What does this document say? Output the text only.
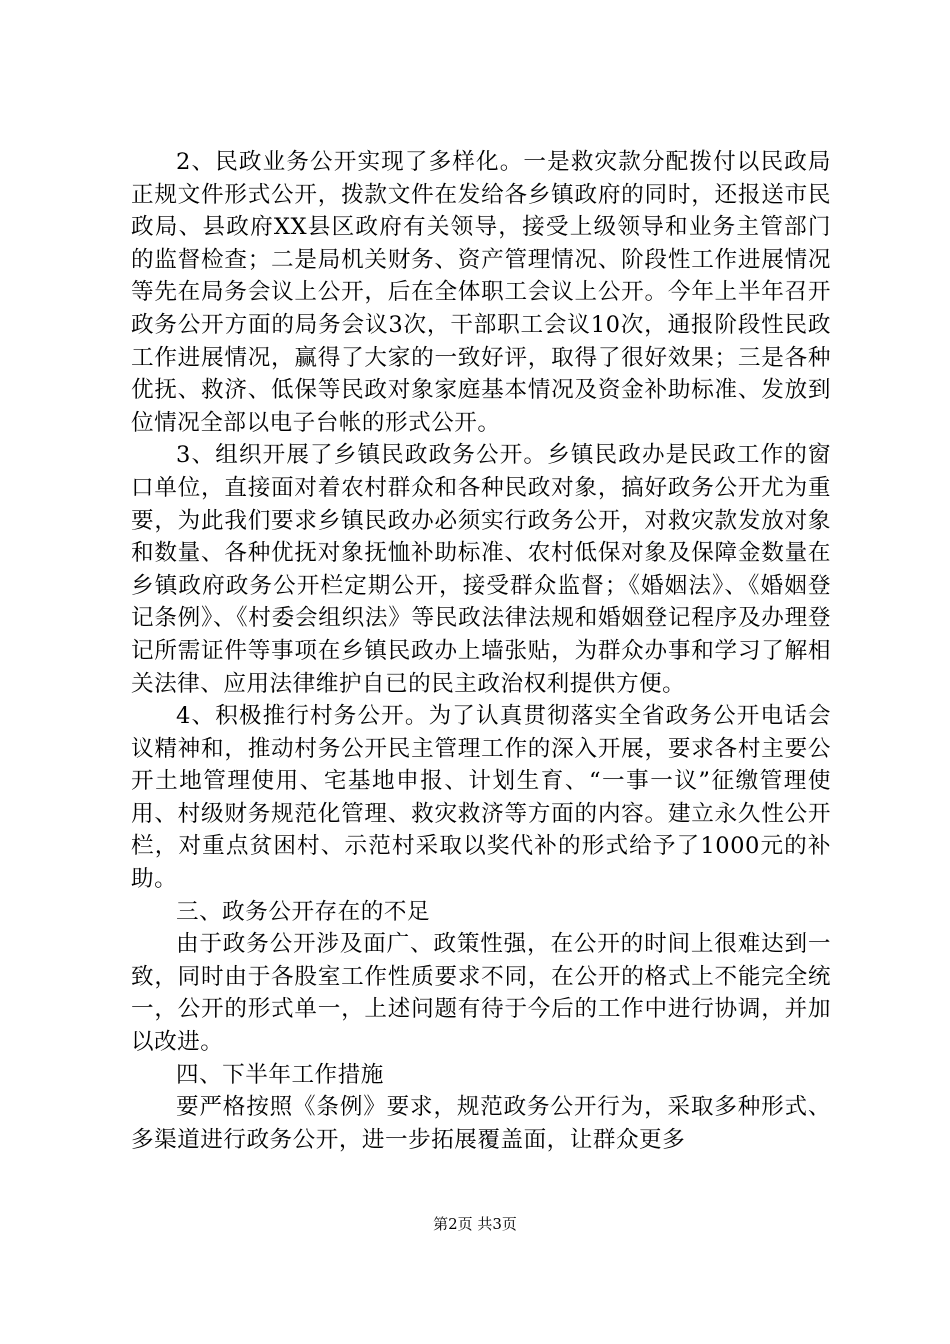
2、民政业务公开实现了多样化。一是救灾款分配拨付以民政局正规文件形式公开，拨款文件在发给各乡镇政府的同时，还报送市民政局、县政府XX县区政府有关领导，接受上级领导和业务主管部门的监督检查；二是局机关财务、资产管理情况、阶段性工作进展情况等先在局务会议上公开，后在全体职工会议上公开。今年上半年召开政务公开方面的局务会议3次，干部职工会议10次，通报阶段性民政工作进展情况，赢得了大家的一致好评，取得了很好效果；三是各种优抚、救济、低保等民政对象家庭基本情况及资金补助标准、发放到位情况全部以电子台帐的形式公开。

3、组织开展了乡镇民政政务公开。乡镇民政办是民政工作的窗口单位，直接面对着农村群众和各种民政对象，搞好政务公开尤为重要，为此我们要求乡镇民政办必须实行政务公开，对救灾款发放对象和数量、各种优抚对象抚恤补助标准、农村低保对象及保障金数量在乡镇政府政务公开栏定期公开，接受群众监督；《婚姻法》、《婚姻登记条例》、《村委会组织法》等民政法律法规和婚姻登记程序及办理登记所需证件等事项在乡镇民政办上墙张贴，为群众办事和学习了解相关法律、应用法律维护自已的民主政治权利提供方便。

4、积极推行村务公开。为了认真贯彻落实全省政务公开电话会议精神和，推动村务公开民主管理工作的深入开展，要求各村主要公开土地管理使用、宅基地申报、计划生育、“一事一议”征缴管理使用、村级财务规范化管理、救灾救济等方面的内容。建立永久性公开栏，对重点贫困村、示范村采取以奖代补的形式给予了1000元的补助。

三、政务公开存在的不足

由于政务公开涉及面广、政策性强，在公开的时间上很难达到一致，同时由于各股室工作性质要求不同，在公开的格式上不能完全统一，公开的形式单一，上述问题有待于今后的工作中进行协调，并加以改进。

四、下半年工作措施

要严格按照《条例》要求，规范政务公开行为，采取多种形式、多渠道进行政务公开，进一步拓展覆盖面，让群众更多

第2页 共3页
